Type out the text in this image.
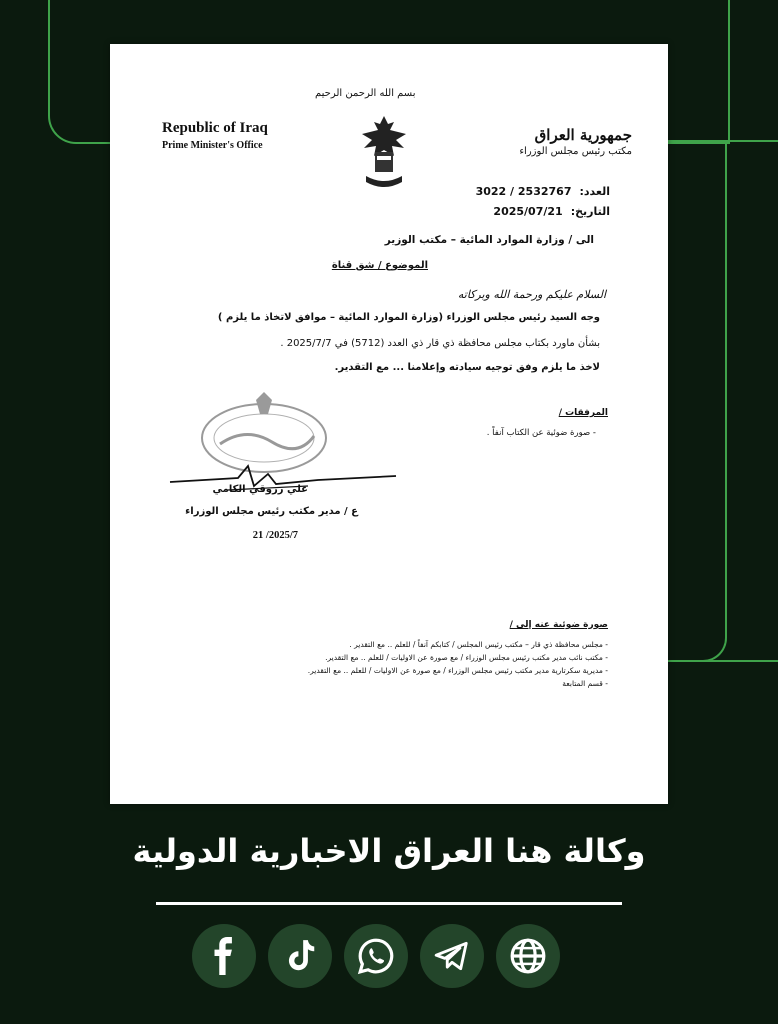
بسم الله الرحمن الرحيم
Republic of Iraq
Prime Minister's Office
جمهورية العراق
مكتب رئيس مجلس الوزراء
العدد:2532767 / 3022
التاريخ:2025/07/21
الى / وزارة الموارد المائية – مكتب الوزير
الموضوع / شق قناة
السلام عليكم ورحمة الله وبركاته
وجه السيد رئيس مجلس الوزراء (وزارة الموارد المائية – موافق لاتخاذ ما يلزم )
بشأن ماورد بكتاب مجلس محافظة ذي قار ذي العدد (5712) في 2025/7/7 .
لاخذ ما يلزم وفق توجيه سيادته وإعلامنا ... مع التقدير.
المرفقات /
- صورة ضوئية عن الكتاب آنفاً .
علي رزوقي الكامي
ع / مدير مكتب رئيس مجلس الوزراء
2025/7/ 21
صورة ضوئية عنه إلى /
- مجلس محافظة ذي قار – مكتب رئيس المجلس / كتابكم آنفاً / للعلم .. مع التقدير .
- مكتب نائب مدير مكتب رئيس مجلس الوزراء / مع صورة عن الاوليات / للعلم .. مع التقدير.
- مديرية سكرتارية مدير مكتب رئيس مجلس الوزراء / مع صورة عن الاوليات / للعلم .. مع التقدير.
- قسم المتابعة
وكالة هنا العراق الاخبارية الدولية
